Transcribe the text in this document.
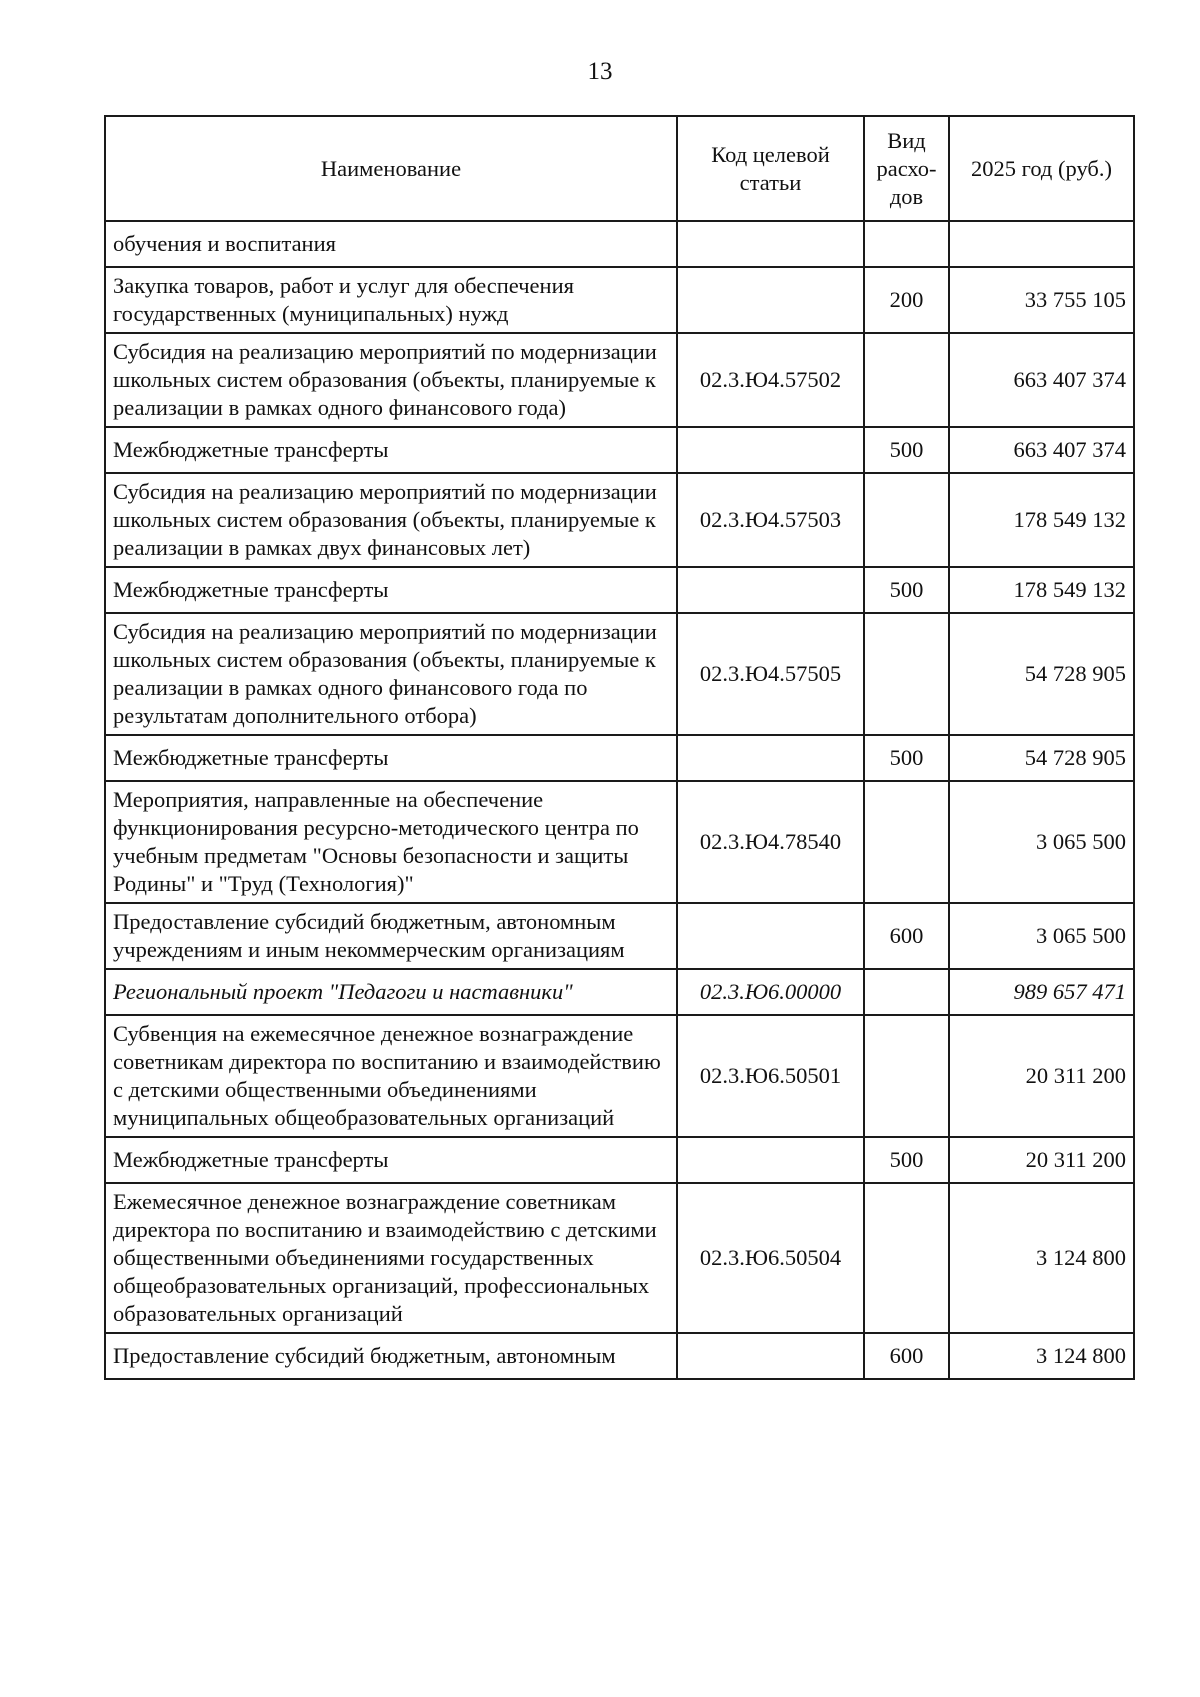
13
Наименование	Код целевой статьи	Вид расхо-дов	2025 год (руб.)
обучения и воспитания			
Закупка товаров, работ и услуг для обеспечения государственных (муниципальных) нужд		200	33 755 105
Субсидия на реализацию мероприятий по модернизации школьных систем образования (объекты, планируемые к реализации в рамках одного финансового года)	02.3.Ю4.57502		663 407 374
Межбюджетные трансферты		500	663 407 374
Субсидия на реализацию мероприятий по модернизации школьных систем образования (объекты, планируемые к реализации в рамках двух финансовых лет)	02.3.Ю4.57503		178 549 132
Межбюджетные трансферты		500	178 549 132
Субсидия на реализацию мероприятий по модернизации школьных систем образования (объекты, планируемые к реализации в рамках одного финансового года по результатам дополнительного отбора)	02.3.Ю4.57505		54 728 905
Межбюджетные трансферты		500	54 728 905
Мероприятия, направленные на обеспечение функционирования ресурсно-методического центра по учебным предметам "Основы безопасности и защиты Родины" и "Труд (Технология)"	02.3.Ю4.78540		3 065 500
Предоставление субсидий бюджетным, автономным учреждениям и иным некоммерческим организациям		600	3 065 500
Региональный проект "Педагоги и наставники"	02.3.Ю6.00000		989 657 471
Субвенция на ежемесячное денежное вознаграждение советникам директора по воспитанию и взаимодействию с детскими общественными объединениями муниципальных общеобразовательных организаций	02.3.Ю6.50501		20 311 200
Межбюджетные трансферты		500	20 311 200
Ежемесячное денежное вознаграждение советникам директора по воспитанию и взаимодействию с детскими общественными объединениями государственных общеобразовательных организаций, профессиональных образовательных организаций	02.3.Ю6.50504		3 124 800
Предоставление субсидий бюджетным, автономным		600	3 124 800
